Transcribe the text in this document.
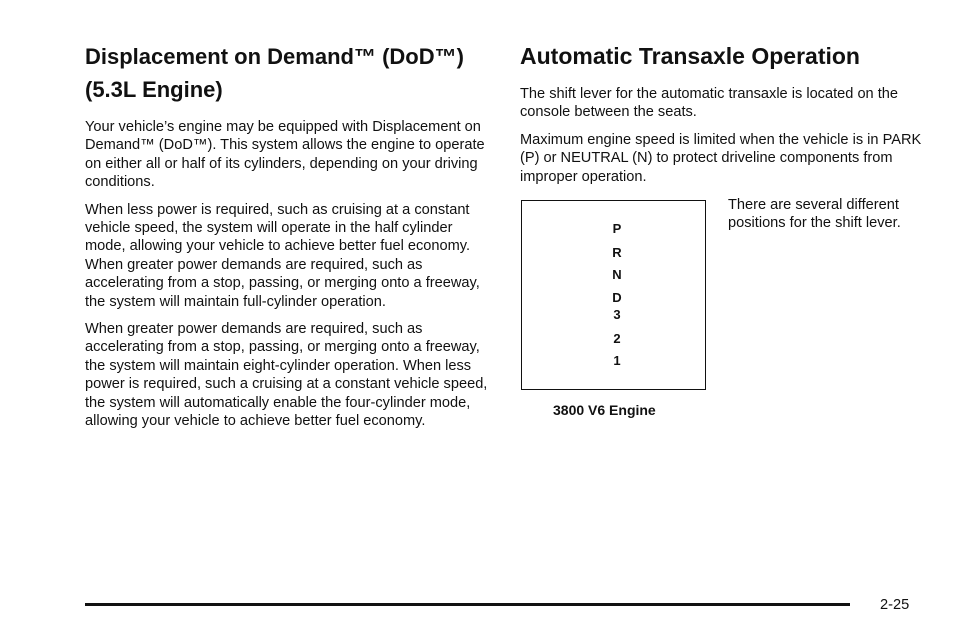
Displacement on Demand™ (DoD™)
(5.3L Engine)

Your vehicle’s engine may be equipped with Displacement on Demand™ (DoD™). This system allows the engine to operate on either all or half of its cylinders, depending on your driving conditions.

When less power is required, such as cruising at a constant vehicle speed, the system will operate in the half cylinder mode, allowing your vehicle to achieve better fuel economy. When greater power demands are required, such as accelerating from a stop, passing, or merging onto a freeway, the system will maintain full-cylinder operation.

When greater power demands are required, such as accelerating from a stop, passing, or merging onto a freeway, the system will maintain eight-cylinder operation. When less power is required, such a cruising at a constant vehicle speed, the system will automatically enable the four-cylinder mode, allowing your vehicle to achieve better fuel economy.

Automatic Transaxle Operation

The shift lever for the automatic transaxle is located on the console between the seats.

Maximum engine speed is limited when the vehicle is in PARK (P) or NEUTRAL (N) to protect driveline components from improper operation.

P
R
N
D
3
2
1
3800 V6 Engine
There are several different positions for the shift lever.
2-25
